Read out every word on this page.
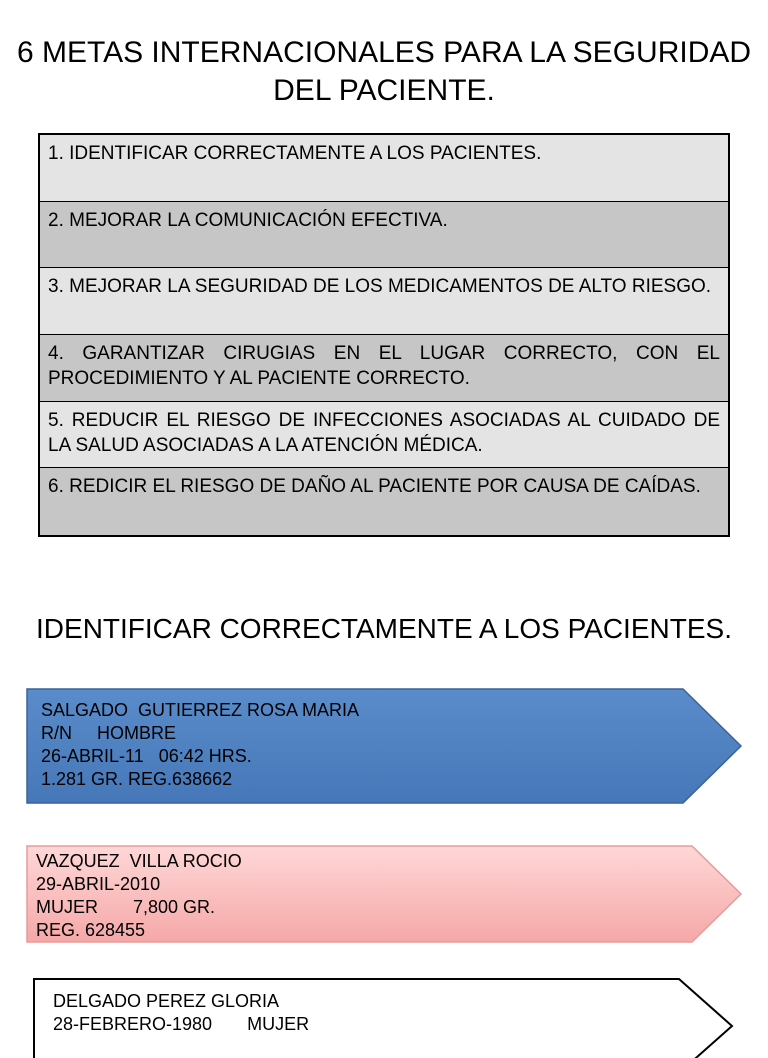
6 METAS INTERNACIONALES PARA LA SEGURIDAD DEL PACIENTE.
1. IDENTIFICAR CORRECTAMENTE A LOS PACIENTES.
2. MEJORAR LA COMUNICACIÓN EFECTIVA.
3. MEJORAR LA SEGURIDAD DE LOS MEDICAMENTOS DE ALTO RIESGO.
4. GARANTIZAR CIRUGIAS EN EL LUGAR CORRECTO, CON EL PROCEDIMIENTO Y AL PACIENTE CORRECTO.
5. REDUCIR EL RIESGO DE INFECCIONES ASOCIADAS AL CUIDADO DE LA SALUD ASOCIADAS A LA ATENCIÓN MÉDICA.
6. REDICIR EL RIESGO DE DAÑO AL PACIENTE POR CAUSA DE CAÍDAS.
IDENTIFICAR CORRECTAMENTE A LOS PACIENTES.
SALGADO  GUTIERREZ ROSA MARIA
R/N     HOMBRE
26-ABRIL-11   06:42 HRS.
1.281 GR. REG.638662
VAZQUEZ  VILLA ROCIO
29-ABRIL-2010
MUJER       7,800 GR.
REG. 628455
DELGADO PEREZ GLORIA
28-FEBRERO-1980       MUJER
